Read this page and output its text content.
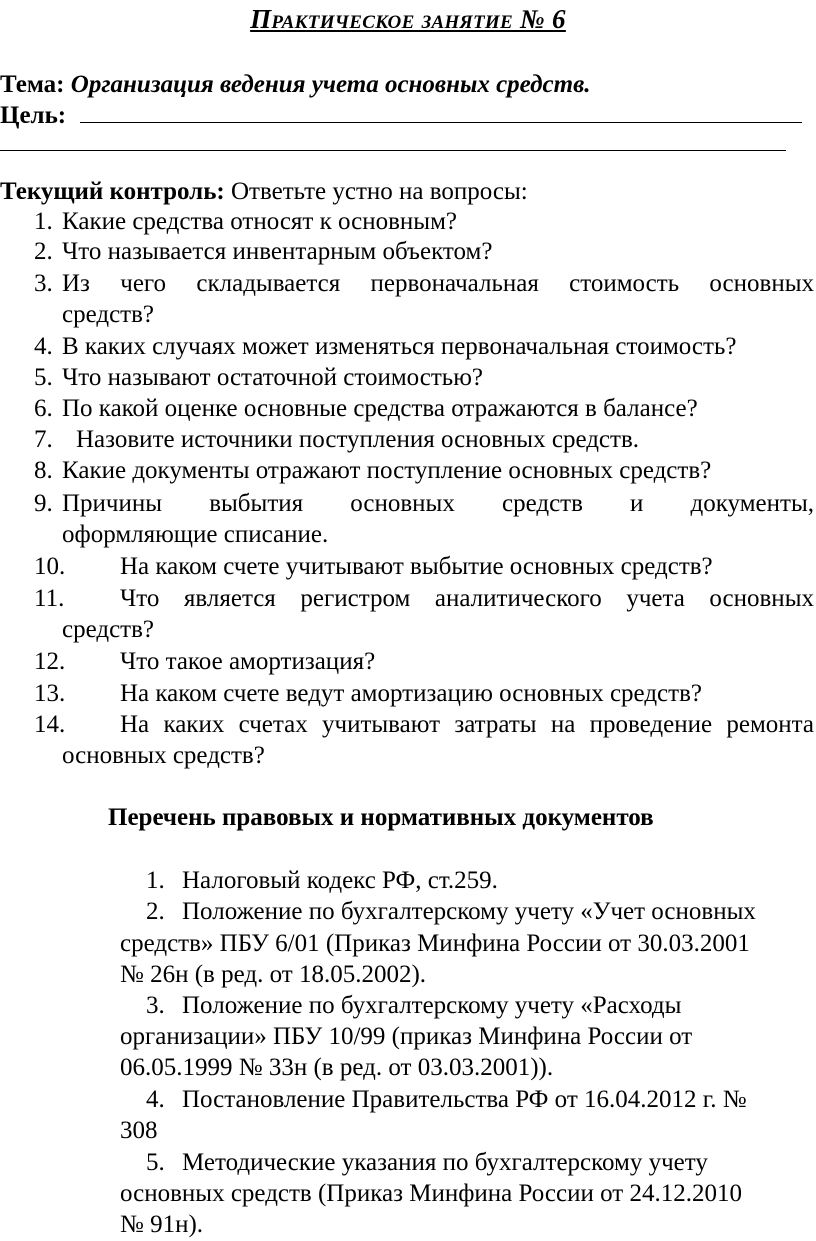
Практическое занятие № 6
Тема: Организация ведения учета основных средств.
Цель:
Текущий контроль: Ответьте устно на вопросы:
1. Какие средства относят к основным?
2. Что называется инвентарным объектом?
3. Из чего складывается первоначальная стоимость основных
средств?
4. В каких случаях может изменяться первоначальная стоимость?
5. Что называют остаточной стоимостью?
6. По какой оценке основные средства отражаются в балансе?
7. Назовите источники поступления основных средств.
8. Какие документы отражают поступление основных средств?
9. Причины выбытия основных средств и документы,
оформляющие списание.
10. На каком счете учитывают выбытие основных средств?
11. Что является регистром аналитического учета основных
средств?
12. Что такое амортизация?
13. На каком счете ведут амортизацию основных средств?
14. На каких счетах учитывают затраты на проведение ремонта
основных средств?
Перечень правовых и нормативных документов
1. Налоговый кодекс РФ, ст.259.
2. Положение по бухгалтерскому учету «Учет основных
средств» ПБУ 6/01 (Приказ Минфина России от 30.03.2001
№ 26н (в ред. от 18.05.2002).
3. Положение по бухгалтерскому учету «Расходы
организации» ПБУ 10/99 (приказ Минфина России от
06.05.1999 № 33н (в ред. от 03.03.2001)).
4. Постановление Правительства РФ от 16.04.2012 г. №
308
5. Методические указания по бухгалтерскому учету
основных средств (Приказ Минфина России от 24.12.2010
№ 91н).
